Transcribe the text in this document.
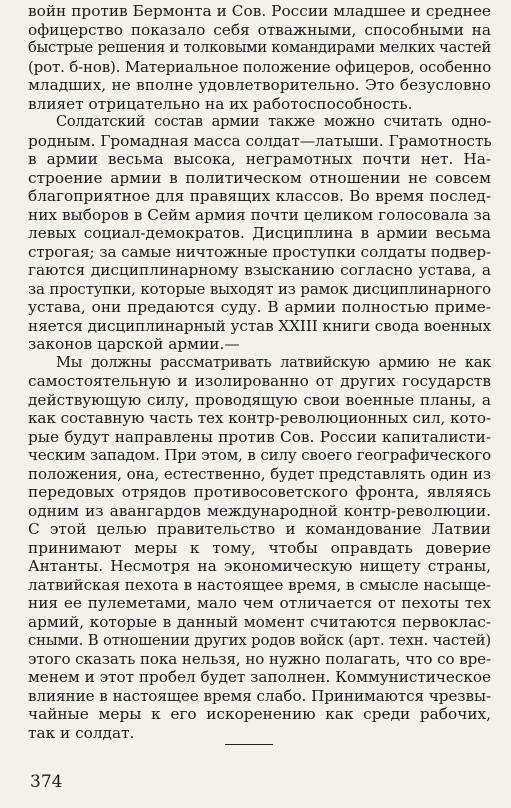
войн против Бермонта и Сов. России младшее и среднее
офицерство показало себя отважными, способными на
быстрые решения и толковыми командирами мелких частей
(рот. б-нов). Материальное положение офицеров, особенно
младших, не вполне удовлетворительно. Это безусловно
влияет отрицательно на их работоспособность.
Солдатский состав армии также можно считать одно-
родным. Громадная масса солдат—латыши. Грамотность
в армии весьма высока, неграмотных почти нет. На-
строение армии в политическом отношении не совсем
благоприятное для правящих классов. Во время послед-
них выборов в Сейм армия почти целиком голосовала за
левых социал-демократов. Дисциплина в армии весьма
строгая; за самые ничтожные проступки солдаты подвер-
гаются дисциплинарному взысканию согласно устава, а
за проступки, которые выходят из рамок дисциплинарного
устава, они предаются суду. В армии полностью приме-
няется дисциплинарный устав XXIII книги свода военных
законов царской армии.—
Мы должны рассматривать латвийскую армию не как
самостоятельную и изолированно от других государств
действующую силу, проводящую свои военные планы, а
как составную часть тех контр-революционных сил, кото-
рые будут направлены против Сов. России капиталисти-
ческим западом. При этом, в силу своего географического
положения, она, естественно, будет представлять один из
передовых отрядов противосоветского фронта, являясь
одним из авангардов международной контр-революции.
С этой целью правительство и командование Латвии
принимают меры к тому, чтобы оправдать доверие
Антанты. Несмотря на экономическую нищету страны,
латвийская пехота в настоящее время, в смысле насыще-
ния ее пулеметами, мало чем отличается от пехоты тех
армий, которые в данный момент считаются первоклас-
сными. В отношении других родов войск (арт. техн. частей)
этого сказать пока нельзя, но нужно полагать, что со вре-
менем и этот пробел будет заполнен. Коммунистическое
влияние в настоящее время слабо. Принимаются чрезвы-
чайные меры к его искоренению как среди рабочих,
так и солдат.
374
